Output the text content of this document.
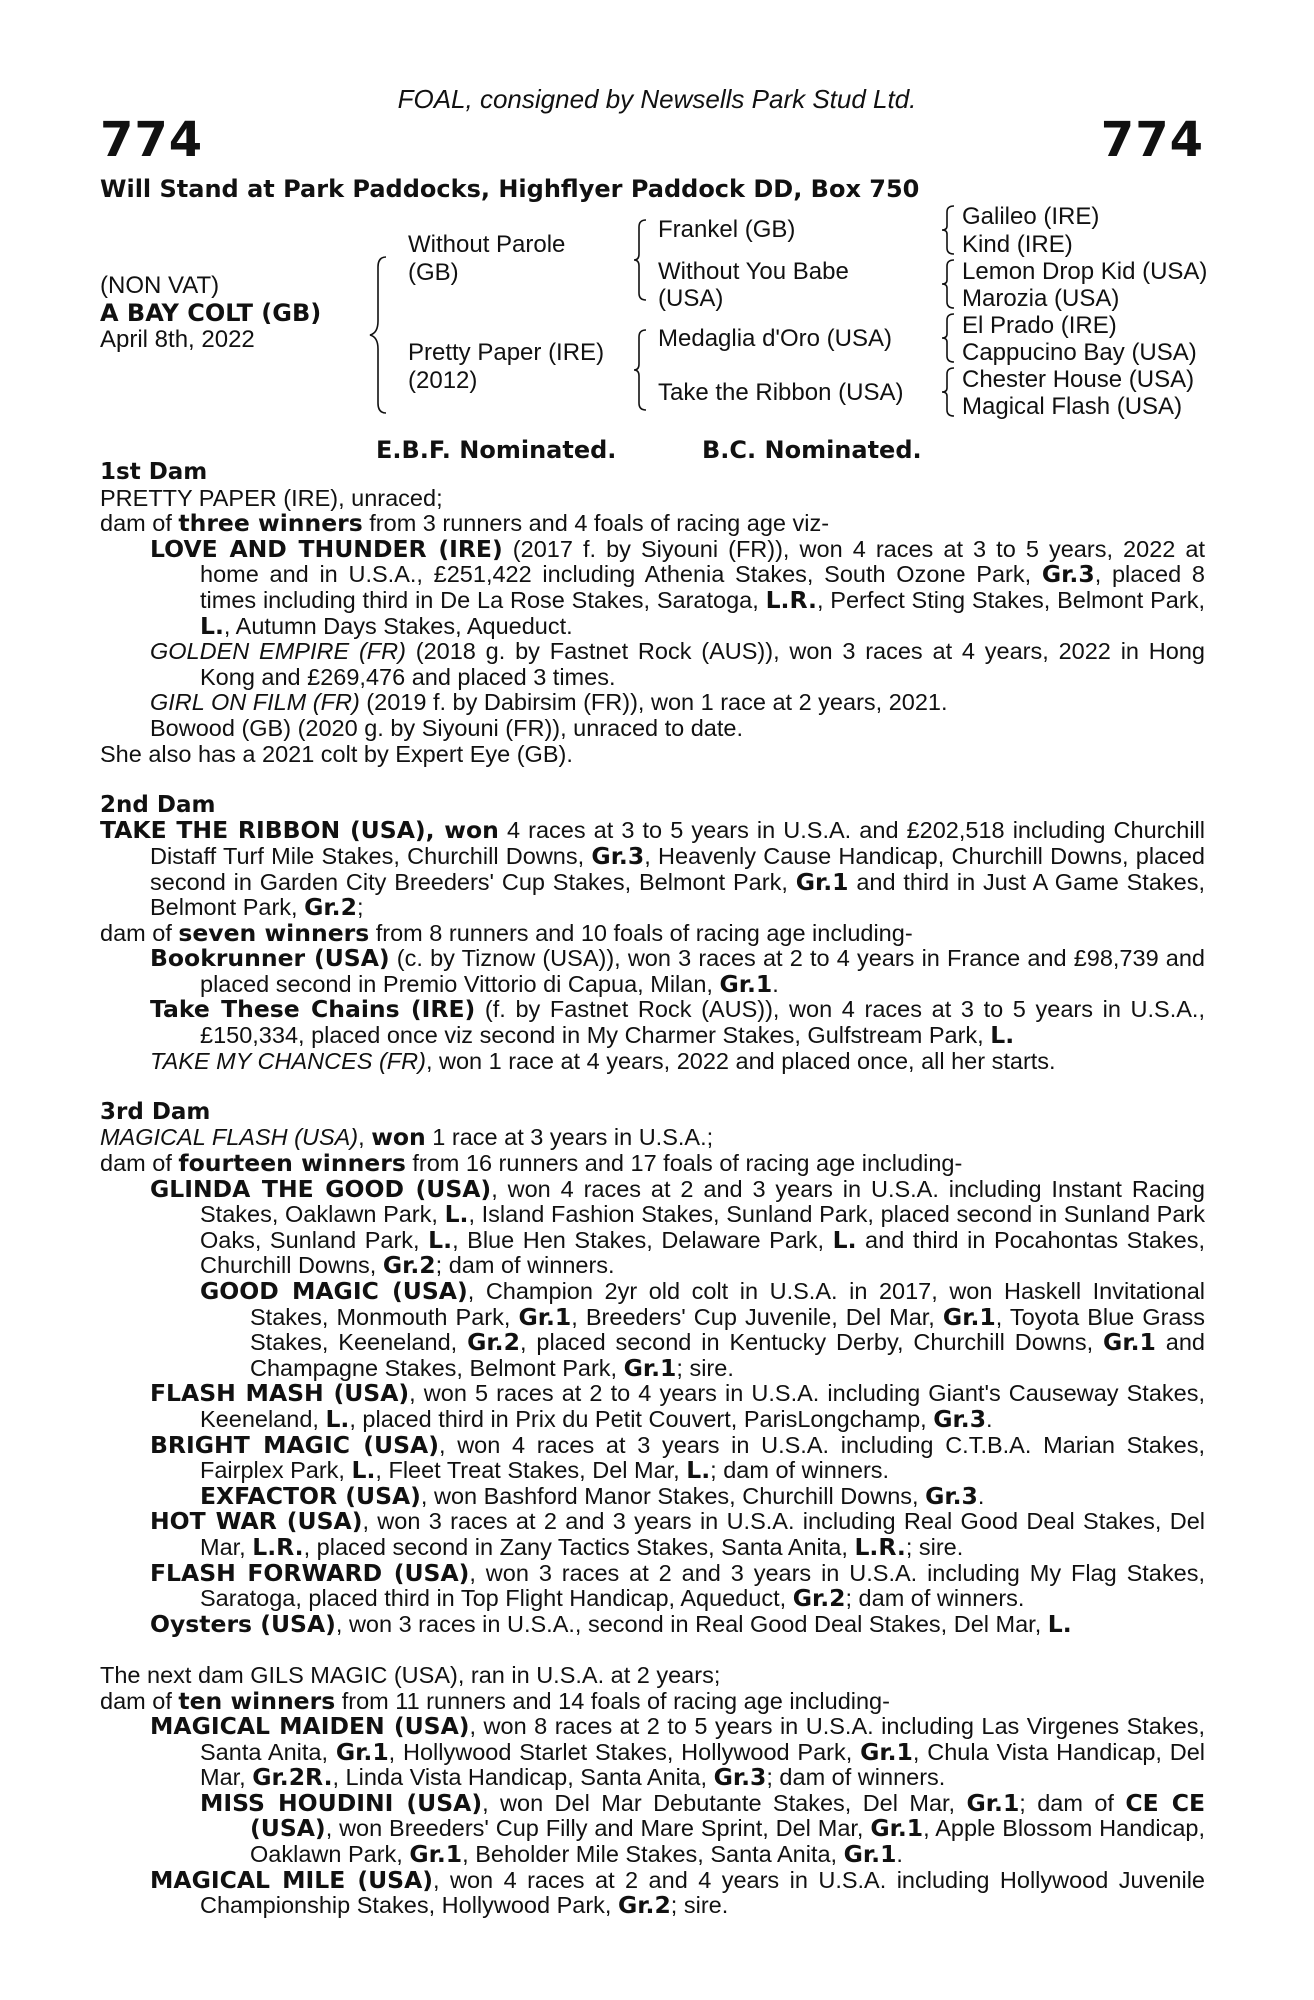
FOAL, consigned by Newsells Park Stud Ltd.
774	774
Will Stand at Park Paddocks, Highflyer Paddock DD, Box 750
(NON VAT)
A BAY COLT (GB)
April 8th, 2022
Without Parole
(GB)
Pretty Paper (IRE)
(2012)
Frankel (GB)
Without You Babe
(USA)
Medaglia d'Oro (USA)
Take the Ribbon (USA)
Galileo (IRE)
Kind (IRE)
Lemon Drop Kid (USA)
Marozia (USA)
El Prado (IRE)
Cappucino Bay (USA)
Chester House (USA)
Magical Flash (USA)
E.B.F. Nominated.	B.C. Nominated.

1st Dam

PRETTY PAPER (IRE), unraced;

dam of three winners from 3 runners and 4 foals of racing age viz-

LOVE AND THUNDER (IRE) (2017 f. by Siyouni (FR)), won 4 races at 3 to 5 years, 2022 at home and in U.S.A., £251,422 including Athenia Stakes, South Ozone Park, Gr.3, placed 8 times including third in De La Rose Stakes, Saratoga, L.R., Perfect Sting Stakes, Belmont Park, L., Autumn Days Stakes, Aqueduct.

GOLDEN EMPIRE (FR) (2018 g. by Fastnet Rock (AUS)), won 3 races at 4 years, 2022 in Hong Kong and £269,476 and placed 3 times.

GIRL ON FILM (FR) (2019 f. by Dabirsim (FR)), won 1 race at 2 years, 2021.

Bowood (GB) (2020 g. by Siyouni (FR)), unraced to date.

She also has a 2021 colt by Expert Eye (GB).

2nd Dam

TAKE THE RIBBON (USA), won 4 races at 3 to 5 years in U.S.A. and £202,518 including Churchill Distaff Turf Mile Stakes, Churchill Downs, Gr.3, Heavenly Cause Handicap, Churchill Downs, placed second in Garden City Breeders' Cup Stakes, Belmont Park, Gr.1 and third in Just A Game Stakes, Belmont Park, Gr.2;

dam of seven winners from 8 runners and 10 foals of racing age including-

Bookrunner (USA) (c. by Tiznow (USA)), won 3 races at 2 to 4 years in France and £98,739 and placed second in Premio Vittorio di Capua, Milan, Gr.1.

Take These Chains (IRE) (f. by Fastnet Rock (AUS)), won 4 races at 3 to 5 years in U.S.A., £150,334, placed once viz second in My Charmer Stakes, Gulfstream Park, L.

TAKE MY CHANCES (FR), won 1 race at 4 years, 2022 and placed once, all her starts.

3rd Dam

MAGICAL FLASH (USA), won 1 race at 3 years in U.S.A.;

dam of fourteen winners from 16 runners and 17 foals of racing age including-

GLINDA THE GOOD (USA), won 4 races at 2 and 3 years in U.S.A. including Instant Racing Stakes, Oaklawn Park, L., Island Fashion Stakes, Sunland Park, placed second in Sunland Park Oaks, Sunland Park, L., Blue Hen Stakes, Delaware Park, L. and third in Pocahontas Stakes, Churchill Downs, Gr.2; dam of winners.

GOOD MAGIC (USA), Champion 2yr old colt in U.S.A. in 2017, won Haskell Invitational Stakes, Monmouth Park, Gr.1, Breeders' Cup Juvenile, Del Mar, Gr.1, Toyota Blue Grass Stakes, Keeneland, Gr.2, placed second in Kentucky Derby, Churchill Downs, Gr.1 and Champagne Stakes, Belmont Park, Gr.1; sire.

FLASH MASH (USA), won 5 races at 2 to 4 years in U.S.A. including Giant's Causeway Stakes, Keeneland, L., placed third in Prix du Petit Couvert, ParisLongchamp, Gr.3.

BRIGHT MAGIC (USA), won 4 races at 3 years in U.S.A. including C.T.B.A. Marian Stakes, Fairplex Park, L., Fleet Treat Stakes, Del Mar, L.; dam of winners.

EXFACTOR (USA), won Bashford Manor Stakes, Churchill Downs, Gr.3.

HOT WAR (USA), won 3 races at 2 and 3 years in U.S.A. including Real Good Deal Stakes, Del Mar, L.R., placed second in Zany Tactics Stakes, Santa Anita, L.R.; sire.

FLASH FORWARD (USA), won 3 races at 2 and 3 years in U.S.A. including My Flag Stakes, Saratoga, placed third in Top Flight Handicap, Aqueduct, Gr.2; dam of winners.

Oysters (USA), won 3 races in U.S.A., second in Real Good Deal Stakes, Del Mar, L.

The next dam GILS MAGIC (USA), ran in U.S.A. at 2 years;

dam of ten winners from 11 runners and 14 foals of racing age including-

MAGICAL MAIDEN (USA), won 8 races at 2 to 5 years in U.S.A. including Las Virgenes Stakes, Santa Anita, Gr.1, Hollywood Starlet Stakes, Hollywood Park, Gr.1, Chula Vista Handicap, Del Mar, Gr.2R., Linda Vista Handicap, Santa Anita, Gr.3; dam of winners.

MISS HOUDINI (USA), won Del Mar Debutante Stakes, Del Mar, Gr.1; dam of CE CE (USA), won Breeders' Cup Filly and Mare Sprint, Del Mar, Gr.1, Apple Blossom Handicap, Oaklawn Park, Gr.1, Beholder Mile Stakes, Santa Anita, Gr.1.

MAGICAL MILE (USA), won 4 races at 2 and 4 years in U.S.A. including Hollywood Juvenile Championship Stakes, Hollywood Park, Gr.2; sire.
